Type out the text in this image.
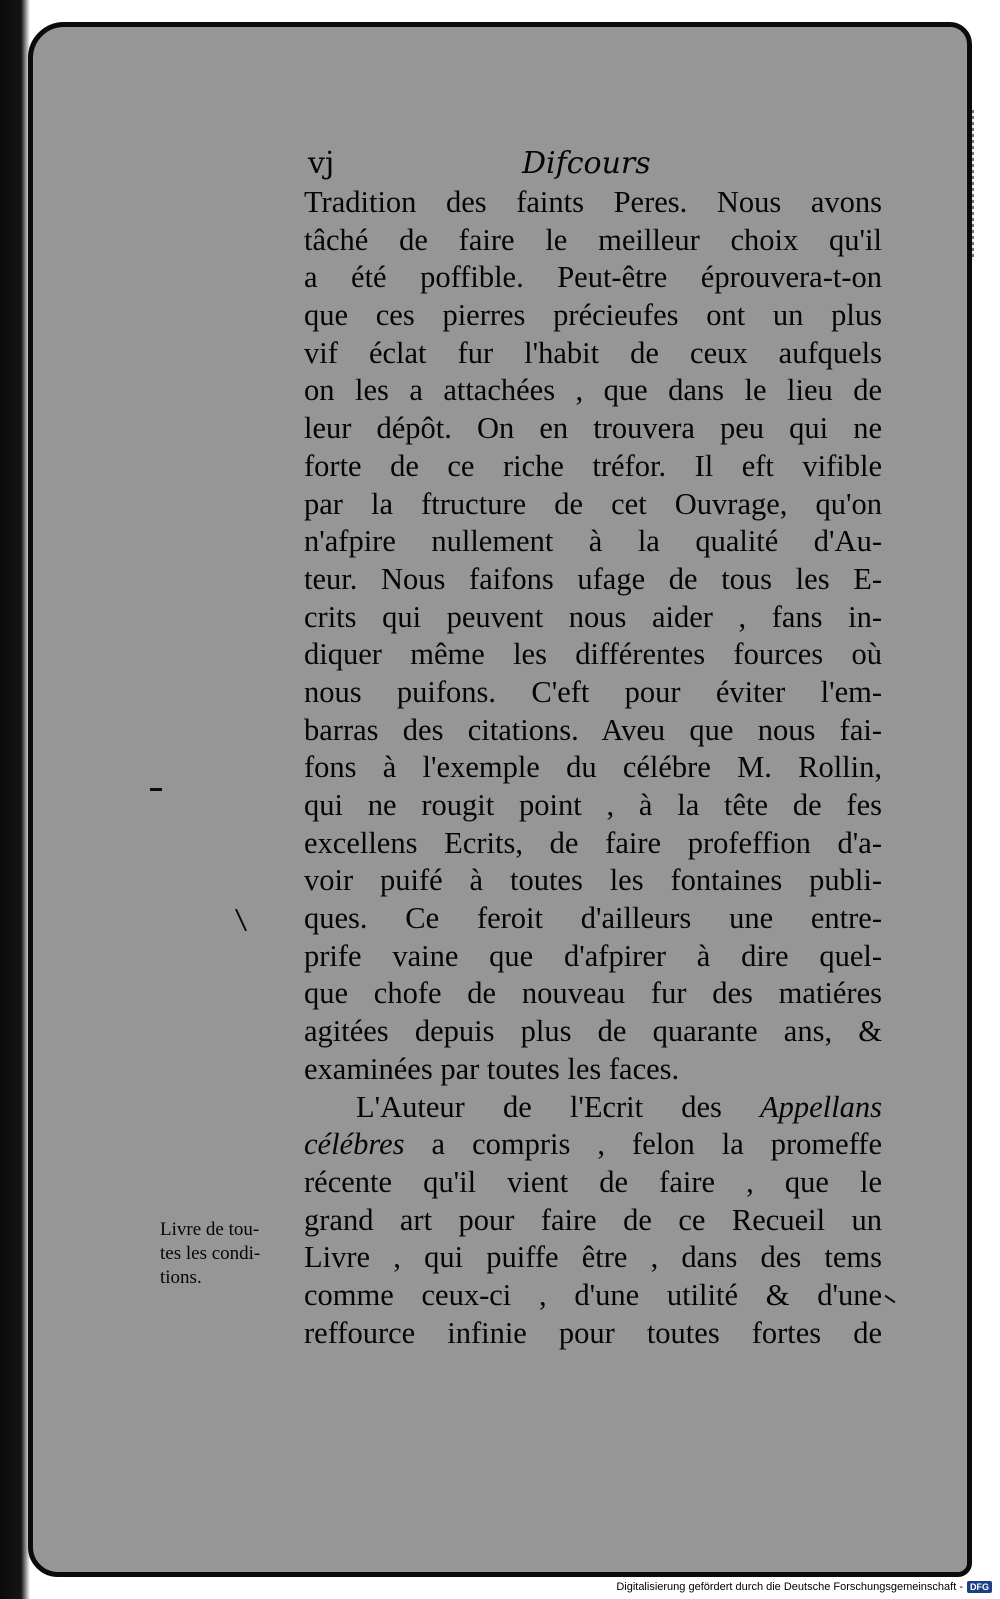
vj	Difcours
Tradition des faints Peres. Nous avons
tâché de faire le meilleur choix qu'il
a été poffible. Peut-être éprouvera-t-on
que ces pierres précieufes ont un plus
vif éclat fur l'habit de ceux aufquels
on les a attachées , que dans le lieu de
leur dépôt. On en trouvera peu qui ne
forte de ce riche tréfor. Il eft vifible
par la ftructure de cet Ouvrage, qu'on
n'afpire nullement à la qualité d'Au-
teur. Nous faifons ufage de tous les E-
crits qui peuvent nous aider , fans in-
diquer même les différentes fources où
nous puifons. C'eft pour éviter l'em-
barras des citations. Aveu que nous fai-
fons à l'exemple du célébre M. Rollin,
qui ne rougit point , à la tête de fes
excellens Ecrits, de faire profeffion d'a-
voir puifé à toutes les fontaines publi-
ques. Ce feroit d'ailleurs une entre-
prife vaine que d'afpirer à dire quel-
que chofe de nouveau fur des matiéres
agitées depuis plus de quarante ans, &
examinées par toutes les faces.
L'Auteur de l'Ecrit des Appellans
célébres a compris , felon la promeffe
récente qu'il vient de faire , que le
grand art pour faire de ce Recueil un
Livre , qui puiffe être , dans des tems
comme ceux-ci , d'une utilité & d'une
reffource infinie pour toutes fortes de
Livre de tou-
tes les condi-
tions.
Digitalisierung gefördert durch die Deutsche Forschungsgemeinschaft - DFG
